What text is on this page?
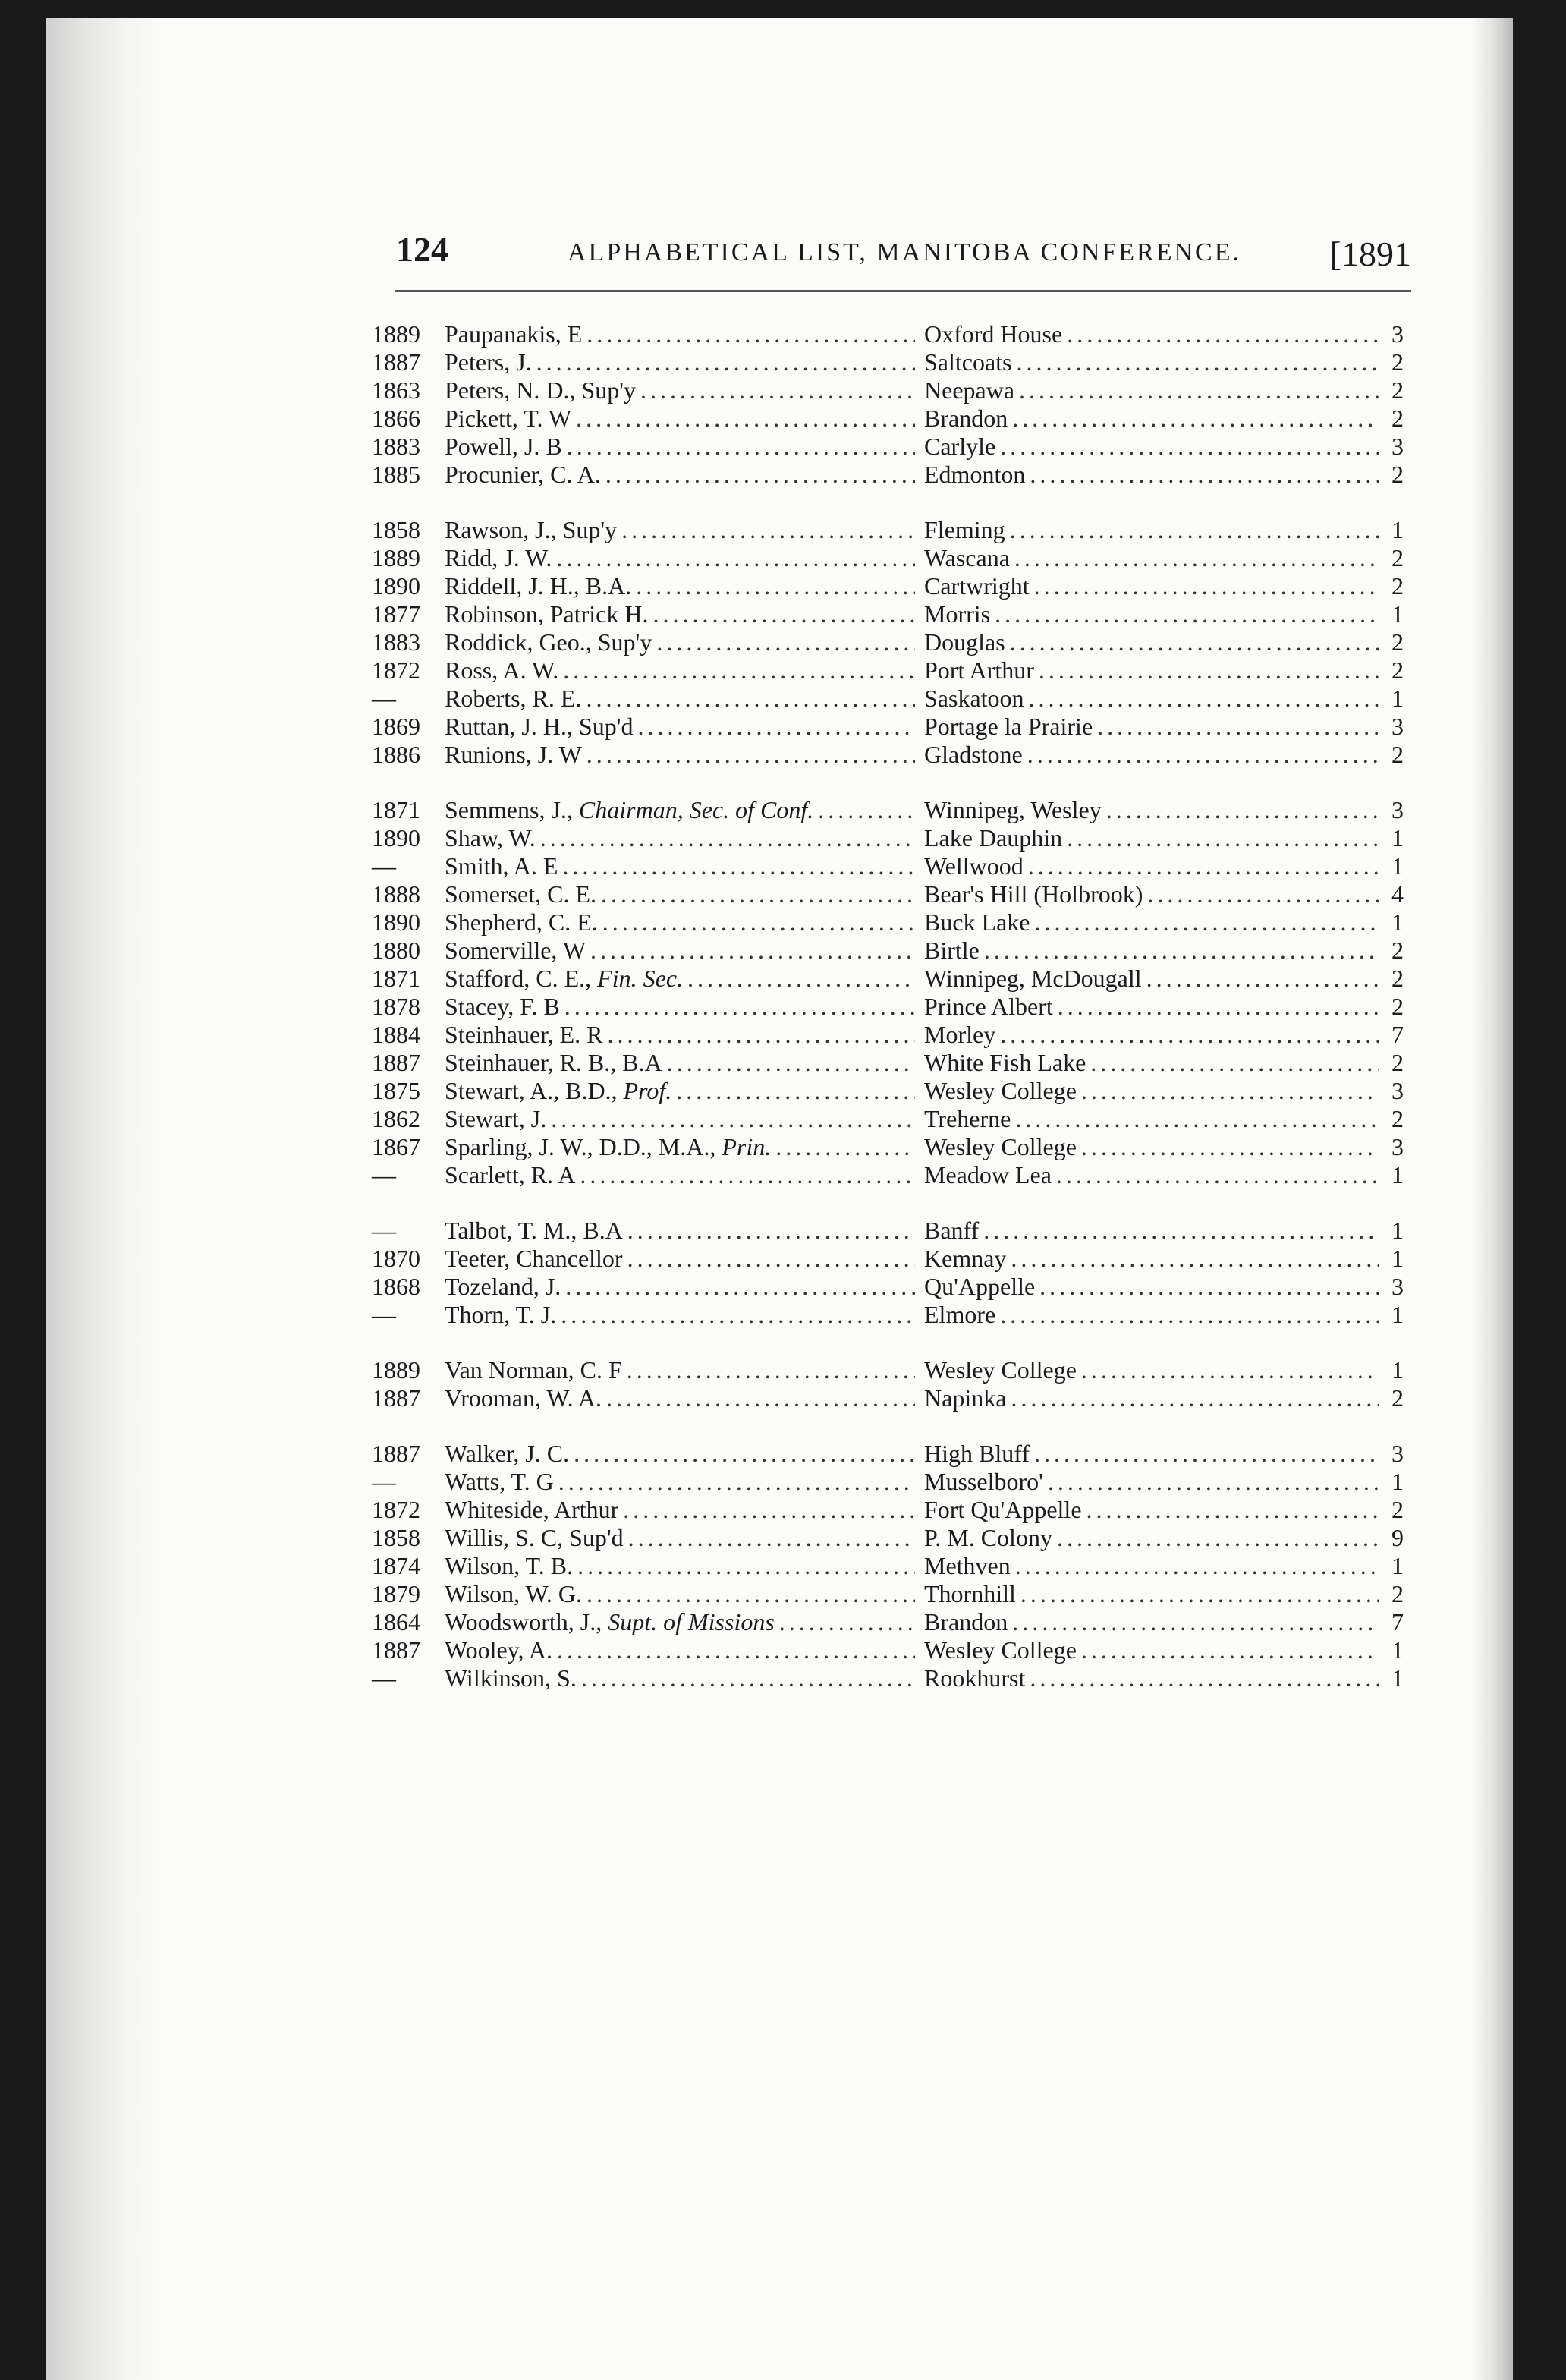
124	ALPHABETICAL LIST, MANITOBA CONFERENCE.	[1891
1889	Paupanakis, E .....	Oxford House .....	3
1887	Peters, J. .....	Saltcoats .....	2
1863	Peters, N. D., Sup'y .....	Neepawa .....	2
1866	Pickett, T. W .....	Brandon .....	2
1883	Powell, J. B .....	Carlyle .....	3
1885	Procunier, C. A. .....	Edmonton .....	2
1858	Rawson, J., Sup'y .....	Fleming .....	1
1889	Ridd, J. W. .....	Wascana .....	2
1890	Riddell, J. H., B.A. .....	Cartwright .....	2
1877	Robinson, Patrick H. .....	Morris .....	1
1883	Roddick, Geo., Sup'y .....	Douglas .....	2
1872	Ross, A. W. .....	Port Arthur .....	2
—	Roberts, R. E. .....	Saskatoon .....	1
1869	Ruttan, J. H., Sup'd .....	Portage la Prairie .....	3
1886	Runions, J. W .....	Gladstone .....	2
1871	Semmens, J., Chairman, Sec. of Conf. .....	Winnipeg, Wesley .....	3
1890	Shaw, W. .....	Lake Dauphin .....	1
—	Smith, A. E .....	Wellwood .....	1
1888	Somerset, C. E. .....	Bear's Hill (Holbrook) .....	4
1890	Shepherd, C. E. .....	Buck Lake .....	1
1880	Somerville, W .....	Birtle .....	2
1871	Stafford, C. E., Fin. Sec. .....	Winnipeg, McDougall .....	2
1878	Stacey, F. B .....	Prince Albert .....	2
1884	Steinhauer, E. R .....	Morley .....	7
1887	Steinhauer, R. B., B.A .....	White Fish Lake .....	2
1875	Stewart, A., B.D., Prof. .....	Wesley College .....	3
1862	Stewart, J. .....	Treherne .....	2
1867	Sparling, J. W., D.D., M.A., Prin. .....	Wesley College .....	3
—	Scarlett, R. A .....	Meadow Lea .....	1
—	Talbot, T. M., B.A .....	Banff .....	1
1870	Teeter, Chancellor .....	Kemnay .....	1
1868	Tozeland, J. .....	Qu'Appelle .....	3
—	Thorn, T. J. .....	Elmore .....	1
1889	Van Norman, C. F .....	Wesley College .....	1
1887	Vrooman, W. A. .....	Napinka .....	2
1887	Walker, J. C. .....	High Bluff .....	3
—	Watts, T. G .....	Musselboro' .....	1
1872	Whiteside, Arthur .....	Fort Qu'Appelle .....	2
1858	Willis, S. C, Sup'd .....	P. M. Colony .....	9
1874	Wilson, T. B. .....	Methven .....	1
1879	Wilson, W. G. .....	Thornhill .....	2
1864	Woodsworth, J., Supt. of Missions .....	Brandon .....	7
1887	Wooley, A. .....	Wesley College .....	1
—	Wilkinson, S. .....	Rookhurst .....	1
